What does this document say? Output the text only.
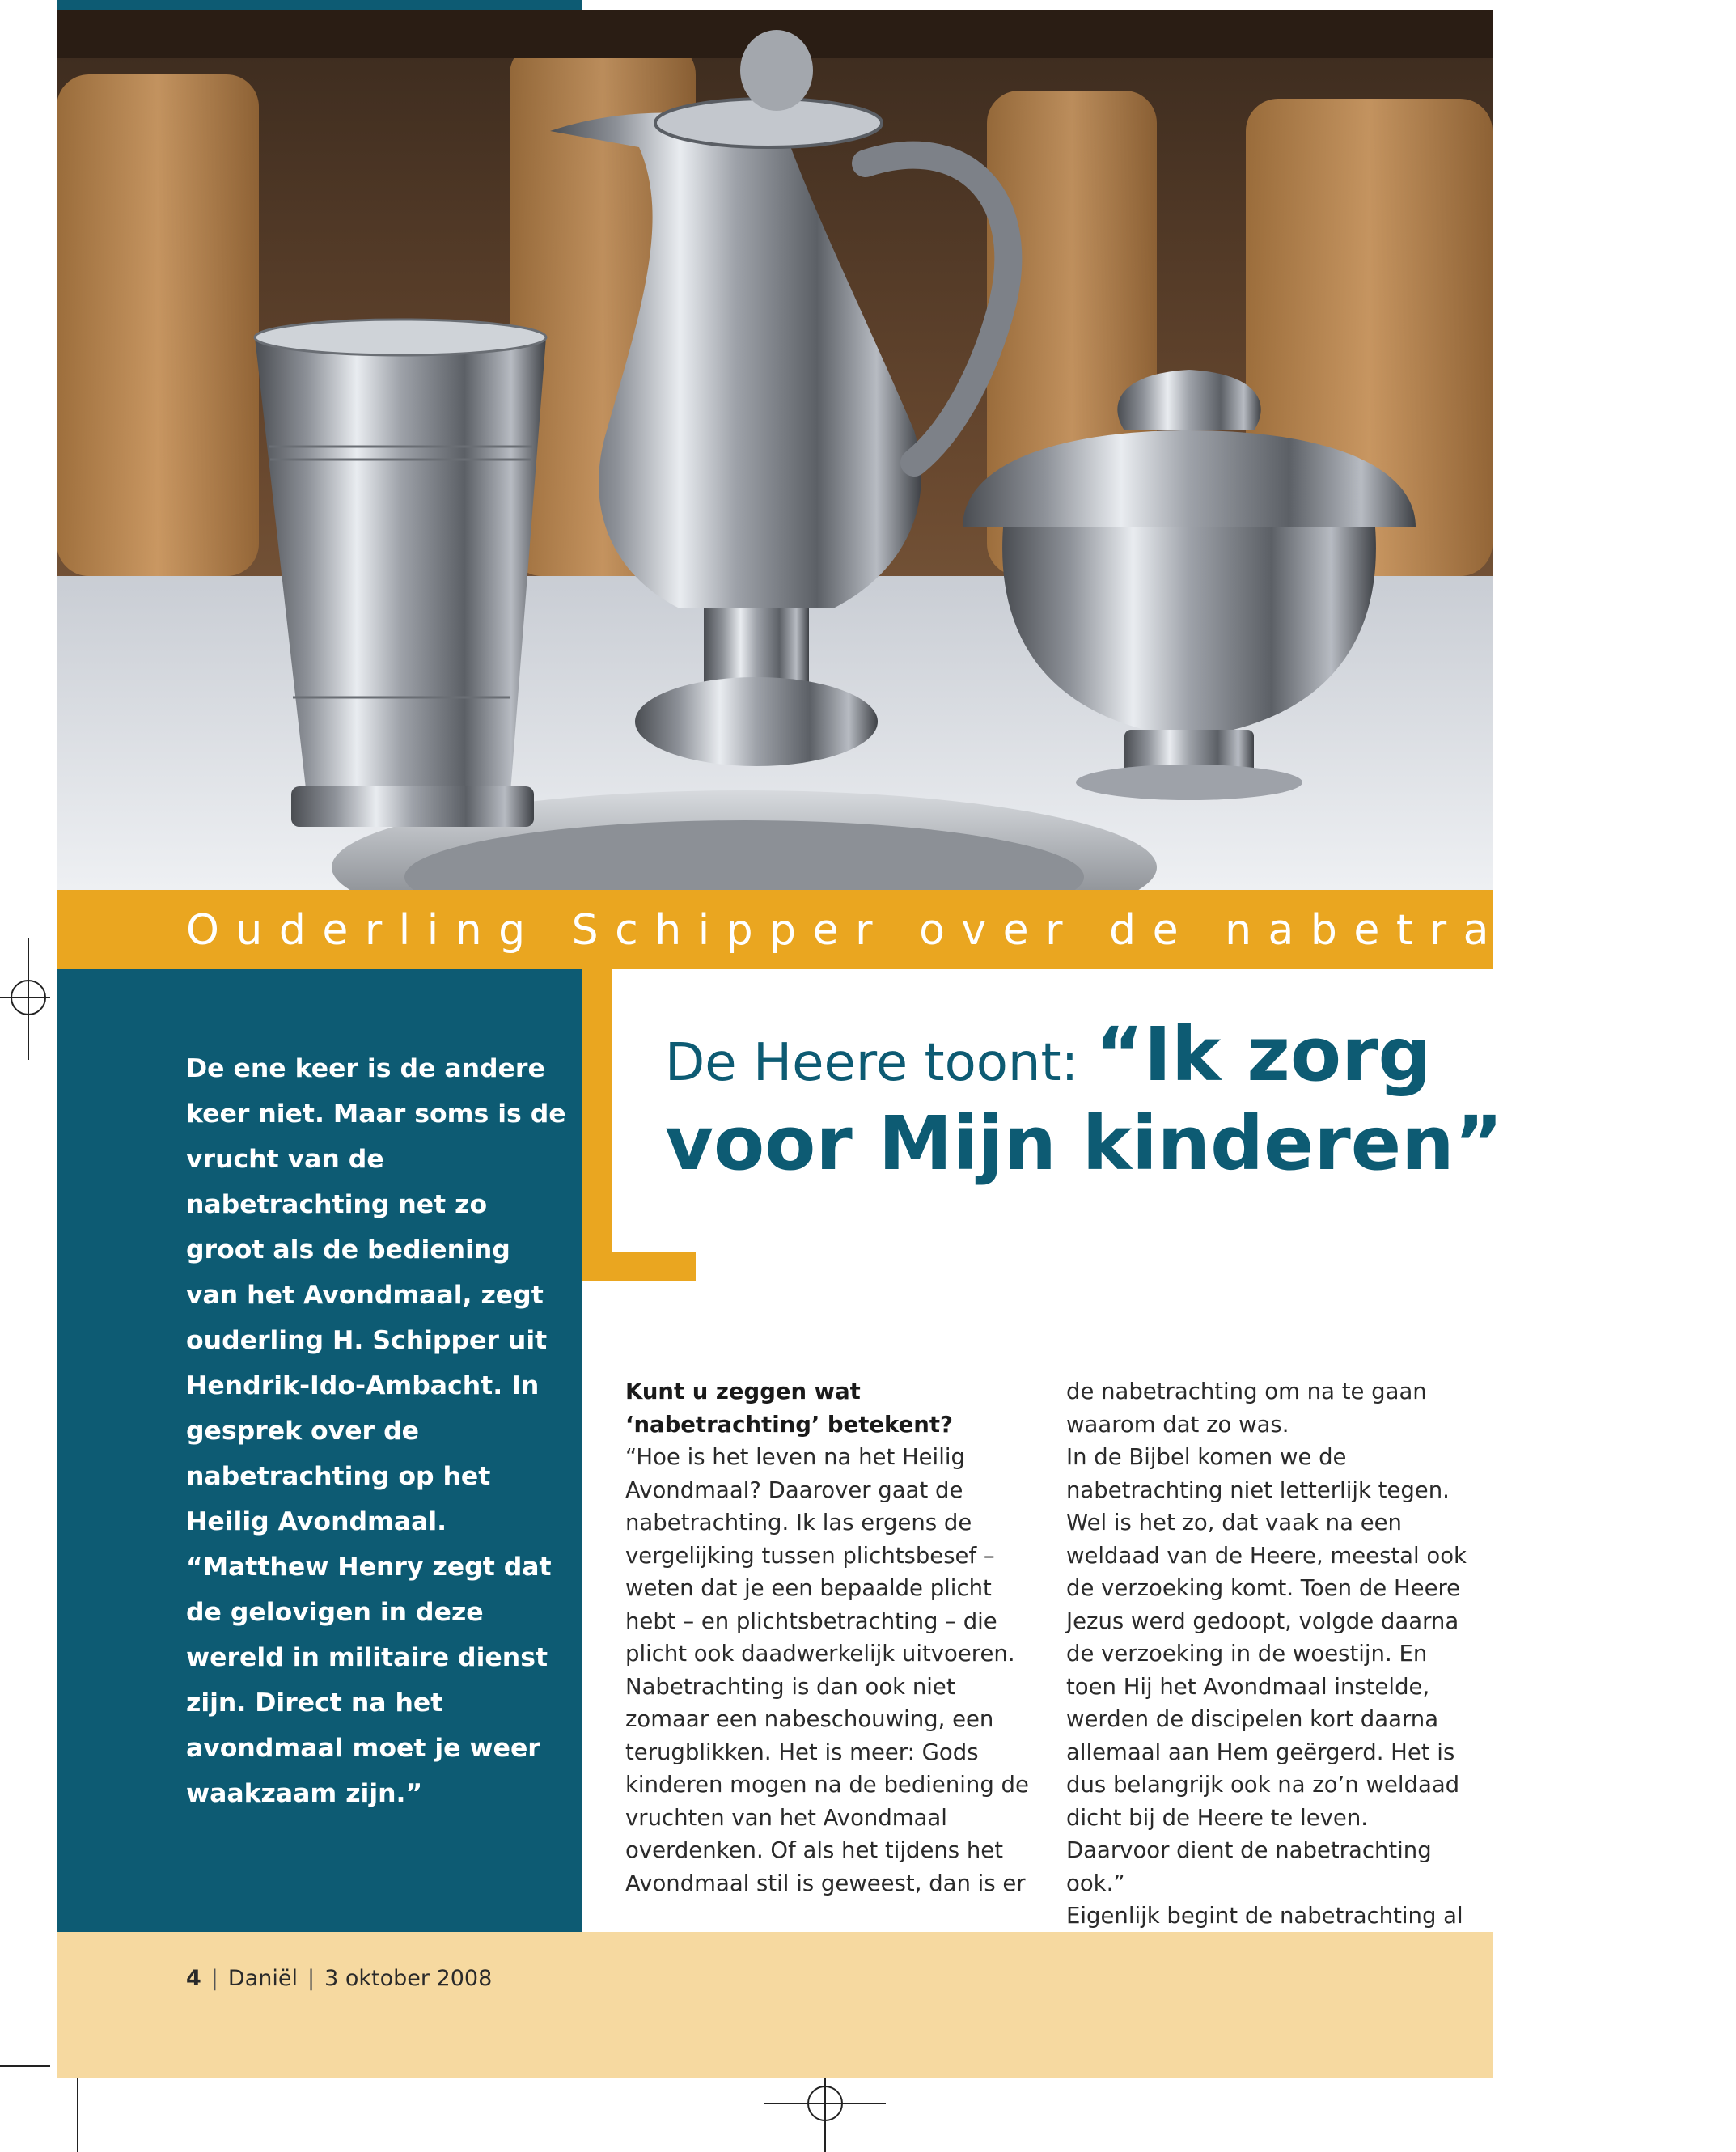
Ouderling Schipper over de nabetrachting

De ene keer is de andere keer niet. Maar soms is de vrucht van de nabetrachting net zo groot als de bediening van het Avondmaal, zegt ouderling H. Schipper uit Hendrik-Ido-Ambacht. In gesprek over de nabetrachting op het Heilig Avondmaal. “Matthew Henry zegt dat de gelovigen in deze wereld in militaire dienst zijn. Direct na het avondmaal moet je weer waakzaam zijn.”

De Heere toont: “Ik zorg
voor Mijn kinderen”

Kunt u zeggen wat ‘nabetrachting’ betekent?

“Hoe is het leven na het Heilig Avondmaal? Daarover gaat de nabetrachting. Ik las ergens de vergelijking tussen plichtsbesef – weten dat je een bepaalde plicht hebt – en plichtsbetrachting – die plicht ook daadwerkelijk uitvoeren. Nabetrachting is dan ook niet zomaar een nabeschouwing, een terugblikken. Het is meer: Gods kinderen mogen na de bediening de vruchten van het Avondmaal overdenken. Of als het tijdens het Avondmaal stil is geweest, dan is er

de nabetrachting om na te gaan waarom dat zo was.

In de Bijbel komen we de nabetrachting niet letterlijk tegen. Wel is het zo, dat vaak na een weldaad van de Heere, meestal ook de verzoeking komt. Toen de Heere Jezus werd gedoopt, volgde daarna de verzoeking in de woestijn. En toen Hij het Avondmaal instelde, werden de discipelen kort daarna allemaal aan Hem geërgerd. Het is dus belangrijk ook na zo’n weldaad dicht bij de Heere te leven. Daarvoor dient de nabetrachting ook.”

Eigenlijk begint de nabetrachting al

4 | Daniël | 3 oktober 2008
